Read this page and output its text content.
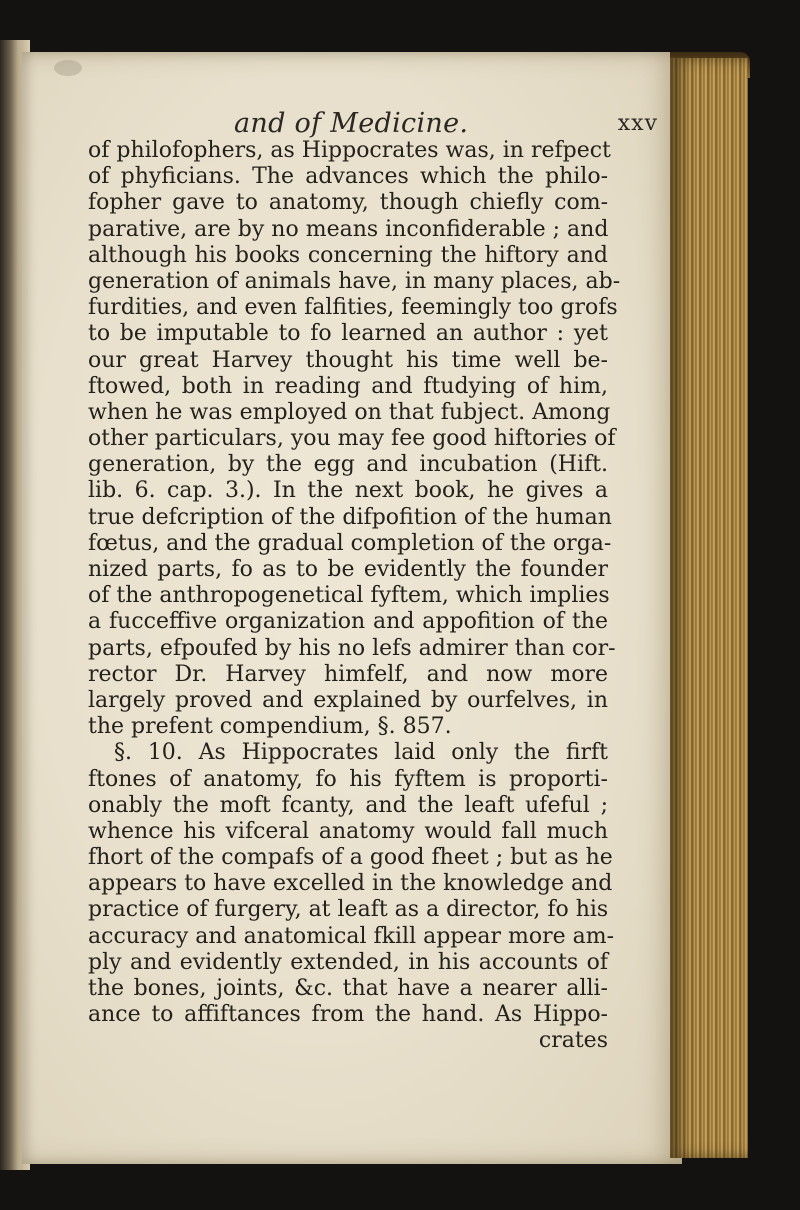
and of Medicine.	xxv
of philofophers, as Hippocrates was, in refpect
of phyficians. The advances which the philo-
fopher gave to anatomy, though chiefly com-
parative, are by no means inconfiderable ; and
although his books concerning the hiftory and
generation of animals have, in many places, ab-
furdities, and even falfities, feemingly too grofs
to be imputable to fo learned an author : yet
our great Harvey thought his time well be-
ftowed, both in reading and ftudying of him,
when he was employed on that fubject. Among
other particulars, you may fee good hiftories of
generation, by the egg and incubation (Hift.
lib. 6. cap. 3.). In the next book, he gives a
true defcription of the difpofition of the human
fœtus, and the gradual completion of the orga-
nized parts, fo as to be evidently the founder
of the anthropogenetical fyftem, which implies
a fucceffive organization and appofition of the
parts, efpoufed by his no lefs admirer than cor-
rector Dr. Harvey himfelf, and now more
largely proved and explained by ourfelves, in
the prefent compendium, §. 857.
§. 10. As Hippocrates laid only the firft
ftones of anatomy, fo his fyftem is proporti-
onably the moft fcanty, and the leaft ufeful ;
whence his vifceral anatomy would fall much
fhort of the compafs of a good fheet ; but as he
appears to have excelled in the knowledge and
practice of furgery, at leaft as a director, fo his
accuracy and anatomical fkill appear more am-
ply and evidently extended, in his accounts of
the bones, joints, &c. that have a nearer alli-
ance to affiftances from the hand. As Hippo-
crates
